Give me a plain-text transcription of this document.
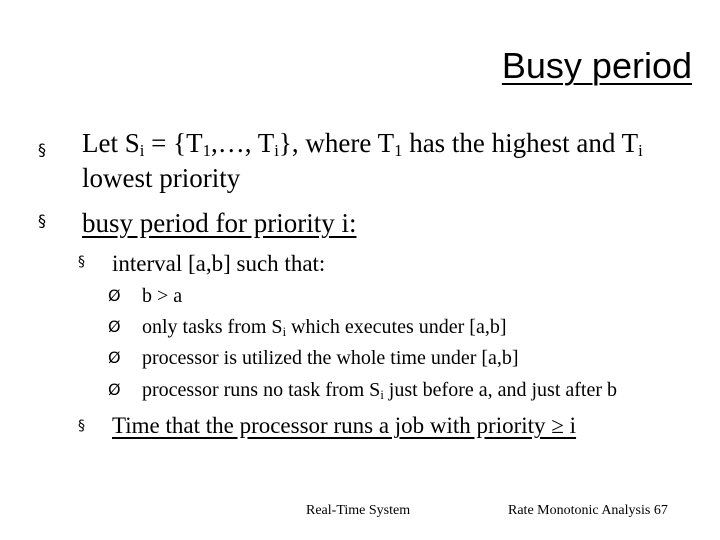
Busy period
§ Let $S_i$ = {$T_1,\dots$, $T_i$}, where $T_1$ has the highest and $T_i$
lowest priority
§ busy period for priority i:
§ interval [a,b] such that:
Ø b > a
Ø only tasks from $S_i$ which executes under [a,b]
Ø processor is utilized the whole time under [a,b]
Ø processor runs no task from $S_i$ just before a, and just after b
§ Time that the processor runs a job with priority ≥ i
Real-Time System	Rate Monotonic Analysis 67
